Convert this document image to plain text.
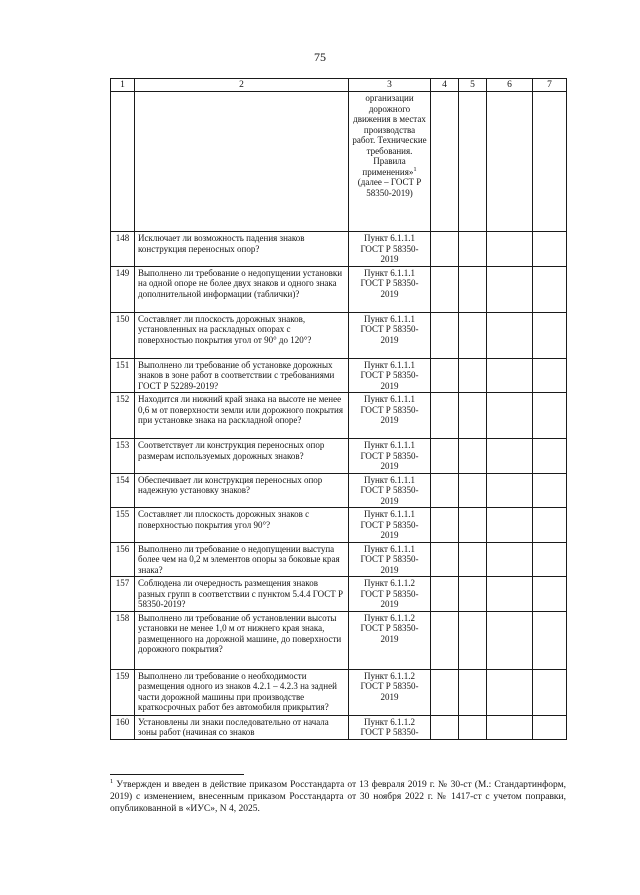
75
1	2	3	4	5	6	7
		организации дорожного движения в местах производства работ. Технические требования. Правила применения»$^1$ (далее – ГОСТ Р 58350-2019)				
148	Исключает ли возможность падения знаков конструкция переносных опор?	Пункт 6.1.1.1 ГОСТ Р 58350-2019				
149	Выполнено ли требование о недопущении установки на одной опоре не более двух знаков и одного знака дополнительной информации (таблички)?	Пункт 6.1.1.1 ГОСТ Р 58350-2019				
150	Составляет ли плоскость дорожных знаков, установленных на раскладных опорах с поверхностью покрытия угол от 90° до 120°?	Пункт 6.1.1.1 ГОСТ Р 58350-2019				
151	Выполнено ли требование об установке дорожных знаков в зоне работ в соответствии с требованиями ГОСТ Р 52289-2019?	Пункт 6.1.1.1 ГОСТ Р 58350-2019				
152	Находится ли нижний край знака на высоте не менее 0,6 м от поверхности земли или дорожного покрытия при установке знака на раскладной опоре?	Пункт 6.1.1.1 ГОСТ Р 58350-2019				
153	Соответствует ли конструкция переносных опор размерам используемых дорожных знаков?	Пункт 6.1.1.1 ГОСТ Р 58350-2019				
154	Обеспечивает ли конструкция переносных опор надежную установку знаков?	Пункт 6.1.1.1 ГОСТ Р 58350-2019				
155	Составляет ли плоскость дорожных знаков с поверхностью покрытия угол 90°?	Пункт 6.1.1.1 ГОСТ Р 58350-2019				
156	Выполнено ли требование о недопущении выступа более чем на 0,2 м элементов опоры за боковые края знака?	Пункт 6.1.1.1 ГОСТ Р 58350-2019				
157	Соблюдена ли очередность размещения знаков разных групп в соответствии с пунктом 5.4.4 ГОСТ Р 58350-2019?	Пункт 6.1.1.2 ГОСТ Р 58350-2019				
158	Выполнено ли требование об установлении высоты установки не менее 1,0 м от нижнего края знака, размещенного на дорожной машине, до поверхности дорожного покрытия?	Пункт 6.1.1.2 ГОСТ Р 58350-2019				
159	Выполнено ли требование о необходимости размещения одного из знаков 4.2.1 – 4.2.3 на задней части дорожной машины при производстве краткосрочных работ без автомобиля прикрытия?	Пункт 6.1.1.2 ГОСТ Р 58350-2019				
160	Установлены ли знаки последовательно от начала зоны работ (начиная со знаков	Пункт 6.1.1.2 ГОСТ Р 58350-				
$^1$ Утвержден и введен в действие приказом Росстандарта от 13 февраля 2019 г. № 30-ст (М.: Стандартинформ, 2019) с изменением, внесенным приказом Росстандарта от 30 ноября 2022 г. № 1417-ст с учетом поправки, опубликованной в «ИУС», N 4, 2025.
